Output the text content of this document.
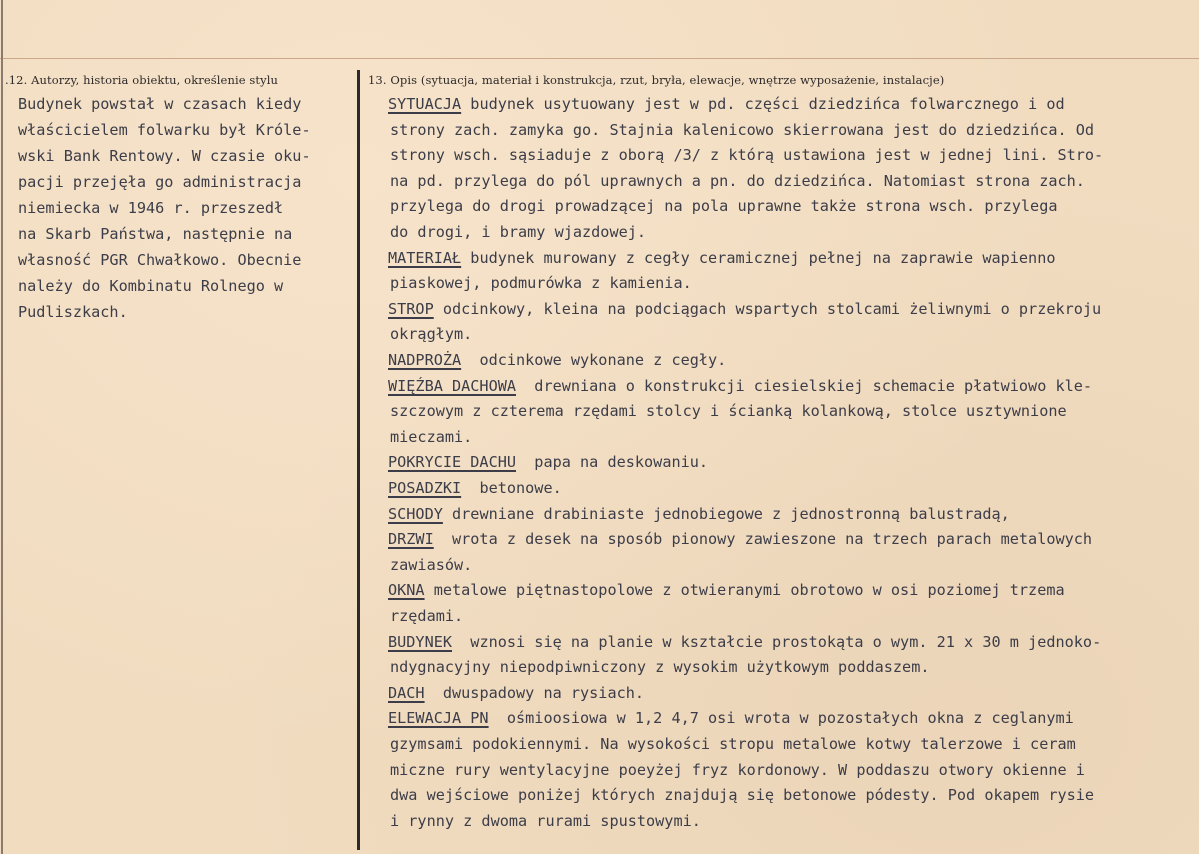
.12. Autorzy, historia obiektu, określenie stylu	13. Opis (sytuacja, materiał i konstrukcja, rzut, bryła, elewacje, wnętrze wyposażenie, instalacje)
Budynek powstał w czasach kiedy
właścicielem folwarku był Króle-
wski Bank Rentowy. W czasie oku-
pacji przejęła go administracja
niemiecka w 1946 r. przeszedł
na Skarb Państwa, następnie na
własność PGR Chwałkowo. Obecnie
należy do Kombinatu Rolnego w
Pudliszkach.
SYTUACJA budynek usytuowany jest w pd. części dziedzińca folwarcznego i od
strony zach. zamyka go. Stajnia kalenicowo skierrowana jest do dziedzińca. Od
strony wsch. sąsiaduje z oborą /3/ z którą ustawiona jest w jednej lini. Stro-
na pd. przylega do pól uprawnych a pn. do dziedzińca. Natomiast strona zach.
przylega do drogi prowadzącej na pola uprawne także strona wsch. przylega
do drogi, i bramy wjazdowej.
MATERIAŁ budynek murowany z cegły ceramicznej pełnej na zaprawie wapienno
piaskowej, podmurówka z kamienia.
STROP odcinkowy, kleina na podciągach wspartych stolcami żeliwnymi o przekroju
okrągłym.
NADPROŻA  odcinkowe wykonane z cegły.
WIĘŹBA DACHOWA  drewniana o konstrukcji ciesielskiej schemacie płatwiowo kle-
szczowym z czterema rzędami stolcy i ścianką kolankową, stolce usztywnione
mieczami.
POKRYCIE DACHU  papa na deskowaniu.
POSADZKI  betonowe.
SCHODY drewniane drabiniaste jednobiegowe z jednostronną balustradą,
DRZWI  wrota z desek na sposób pionowy zawieszone na trzech parach metalowych
zawiasów.
OKNA metalowe piętnastopolowe z otwieranymi obrotowo w osi poziomej trzema
rzędami.
BUDYNEK  wznosi się na planie w kształcie prostokąta o wym. 21 x 30 m jednoko-
ndygnacyjny niepodpiwniczony z wysokim użytkowym poddaszem.
DACH  dwuspadowy na rysiach.
ELEWACJA PN  ośmioosiowa w 1,2 4,7 osi wrota w pozostałych okna z ceglanymi
gzymsami podokiennymi. Na wysokości stropu metalowe kotwy talerzowe i ceram
miczne rury wentylacyjne poeyżej fryz kordonowy. W poddaszu otwory okienne i
dwa wejściowe poniżej których znajdują się betonowe pódesty. Pod okapem rysie
i rynny z dwoma rurami spustowymi.
